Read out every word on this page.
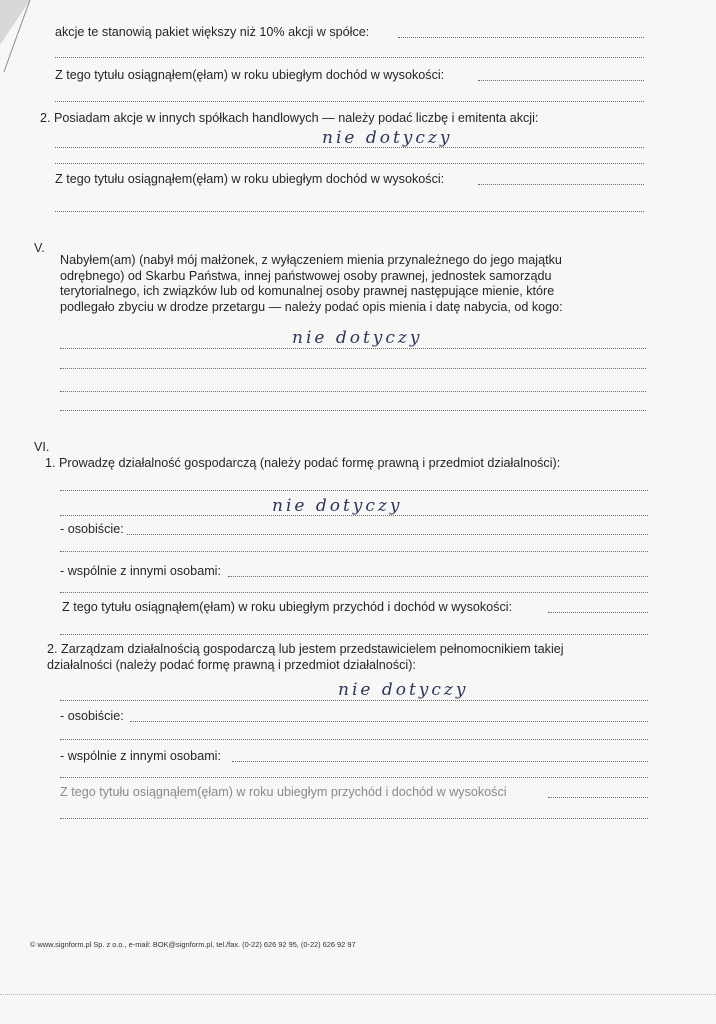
akcje te stanowią pakiet większy niż 10% akcji w spółce:
Z tego tytułu osiągnąłem(ęłam) w roku ubiegłym dochód w wysokości:
2. Posiadam akcje w innych spółkach handlowych — należy podać liczbę i emitenta akcji:
nie dotyczy
Z tego tytułu osiągnąłem(ęłam) w roku ubiegłym dochód w wysokości:
V.
Nabyłem(am) (nabył mój małżonek, z wyłączeniem mienia przynależnego do jego majątku odrębnego) od Skarbu Państwa, innej państwowej osoby prawnej, jednostek samorządu terytorialnego, ich związków lub od komunalnej osoby prawnej następujące mienie, które podlegało zbyciu w drodze przetargu — należy podać opis mienia i datę nabycia, od kogo:
nie dotyczy
VI.
1. Prowadzę działalność gospodarczą (należy podać formę prawną i przedmiot działalności):
nie dotyczy
- osobiście:
- wspólnie z innymi osobami:
Z tego tytułu osiągnąłem(ęłam) w roku ubiegłym przychód i dochód w wysokości:
2. Zarządzam działalnością gospodarczą lub jestem przedstawicielem pełnomocnikiem takiej działalności (należy podać formę prawną i przedmiot działalności):
nie dotyczy
- osobiście:
- wspólnie z innymi osobami:
Z tego tytułu osiągnąłem(ęłam) w roku ubiegłym przychód i dochód w wysokości
© www.signform.pl Sp. z o.o., e-mail: BOK@signform.pl, tel./fax. (0-22) 626 92 95, (0-22) 626 92 97
